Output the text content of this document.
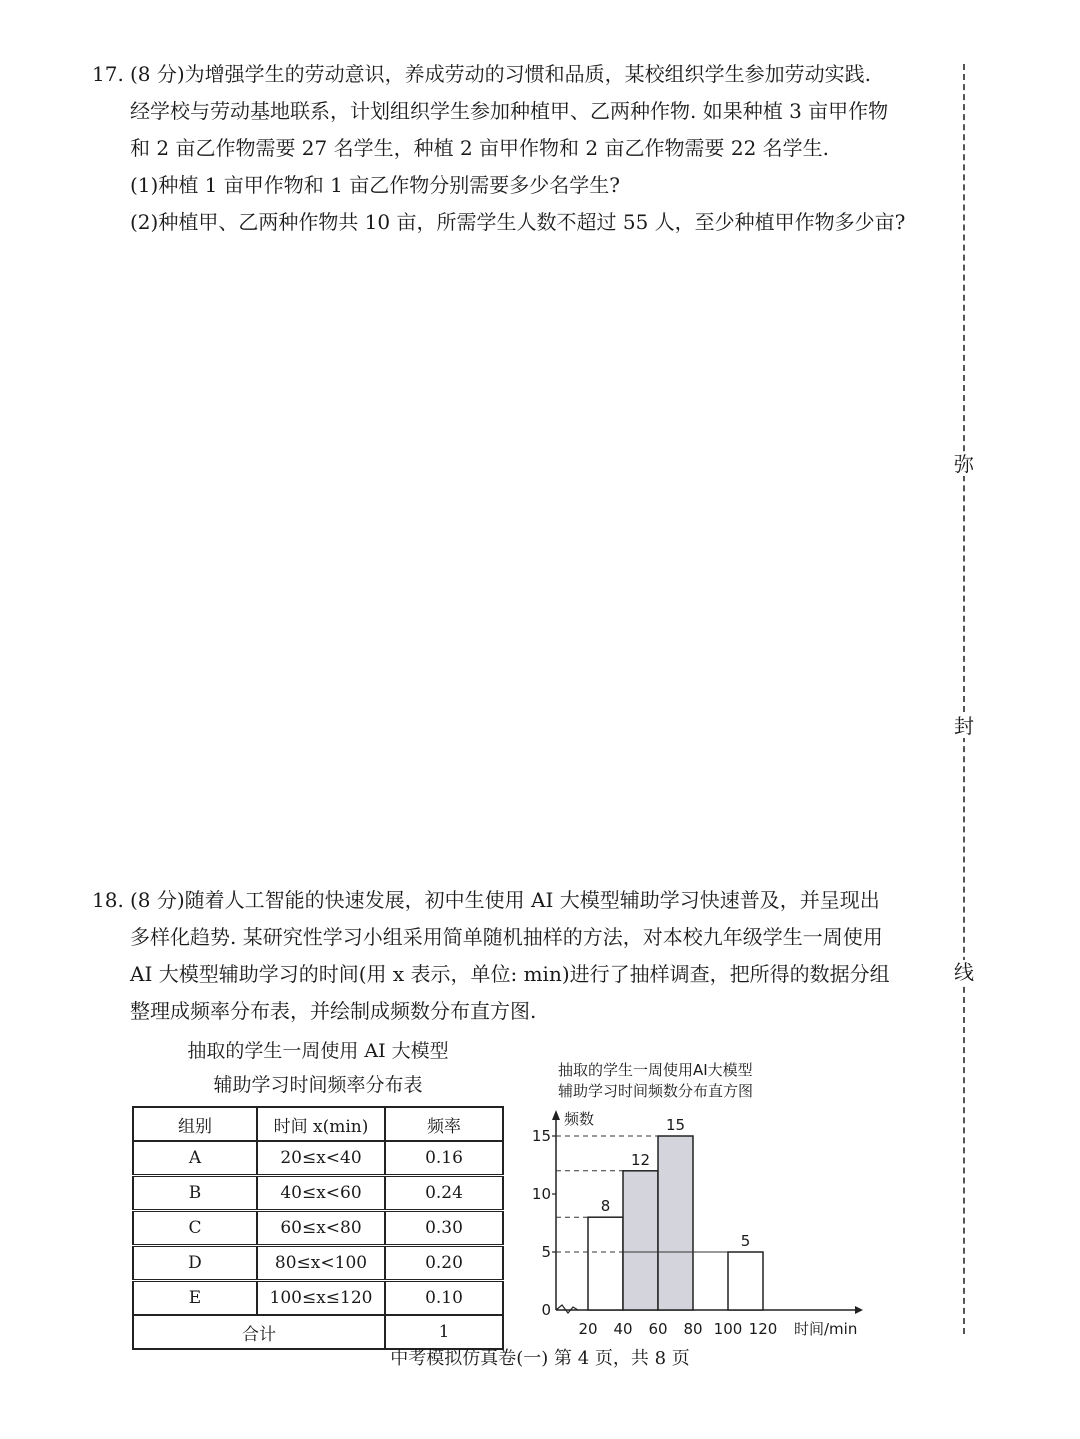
17. (8 分)为增强学生的劳动意识，养成劳动的习惯和品质，某校组织学生参加劳动实践.

经学校与劳动基地联系，计划组织学生参加种植甲、乙两种作物. 如果种植 3 亩甲作物

和 2 亩乙作物需要 27 名学生，种植 2 亩甲作物和 2 亩乙作物需要 22 名学生.

(1)种植 1 亩甲作物和 1 亩乙作物分别需要多少名学生?

(2)种植甲、乙两种作物共 10 亩，所需学生人数不超过 55 人，至少种植甲作物多少亩?

弥
封
线

18. (8 分)随着人工智能的快速发展，初中生使用 AI 大模型辅助学习快速普及，并呈现出

多样化趋势. 某研究性学习小组采用简单随机抽样的方法，对本校九年级学生一周使用

AI 大模型辅助学习的时间(用 x 表示，单位: min)进行了抽样调查，把所得的数据分组

整理成频率分布表，并绘制成频数分布直方图.

抽取的学生一周使用 AI 大模型
辅助学习时间频率分布表
组别	时间 x(min)	频率
A	20≤x<40	0.16
B	40≤x<60	0.24
C	60≤x<80	0.30
D	80≤x<100	0.20
E	100≤x≤120	0.10
合计		1
抽取的学生一周使用AI大模型
辅助学习时间频数分布直方图
频数
时间/min
0
5
10
15
20 40 60 80 100 120
8
12
15
5
中考模拟仿真卷(一) 第 4 页，共 8 页
